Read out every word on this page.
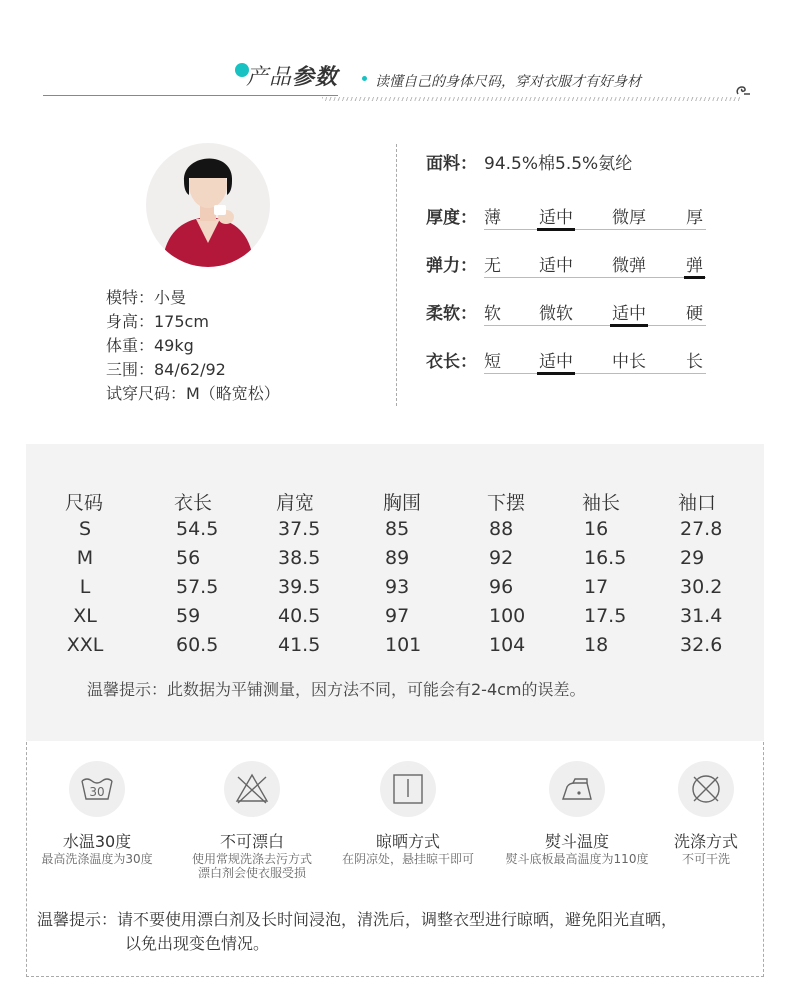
产品参数	读懂自己的身体尺码，穿对衣服才有好身材
模特：小曼
身高：175cm
体重：49kg
三围：84/62/92
试穿尺码：M（略宽松）
面料： 94.5%棉5.5%氨纶
厚度： 薄 适中 微厚 厚
弹力： 无 适中 微弹 弹
柔软： 软 微软 适中 硬
衣长： 短 适中 中长 长
尺码	衣长	肩宽	胸围	下摆	袖长	袖口
S	54.5	37.5	85	88	16	27.8
M	56	38.5	89	92	16.5	29
L	57.5	39.5	93	96	17	30.2
XL	59	40.5	97	100	17.5	31.4
XXL	60.5	41.5	101	104	18	32.6
温馨提示：此数据为平铺测量，因方法不同，可能会有2-4cm的误差。
30
水温30度
最高洗涤温度为30度
不可漂白
使用常规洗涤去污方式
漂白剂会使衣服受损
晾晒方式
在阴凉处，悬挂晾干即可
熨斗温度
熨斗底板最高温度为110度
洗涤方式
不可干洗
温馨提示：请不要使用漂白剂及长时间浸泡，清洗后，调整衣型进行晾晒，避免阳光直晒，
以免出现变色情况。
